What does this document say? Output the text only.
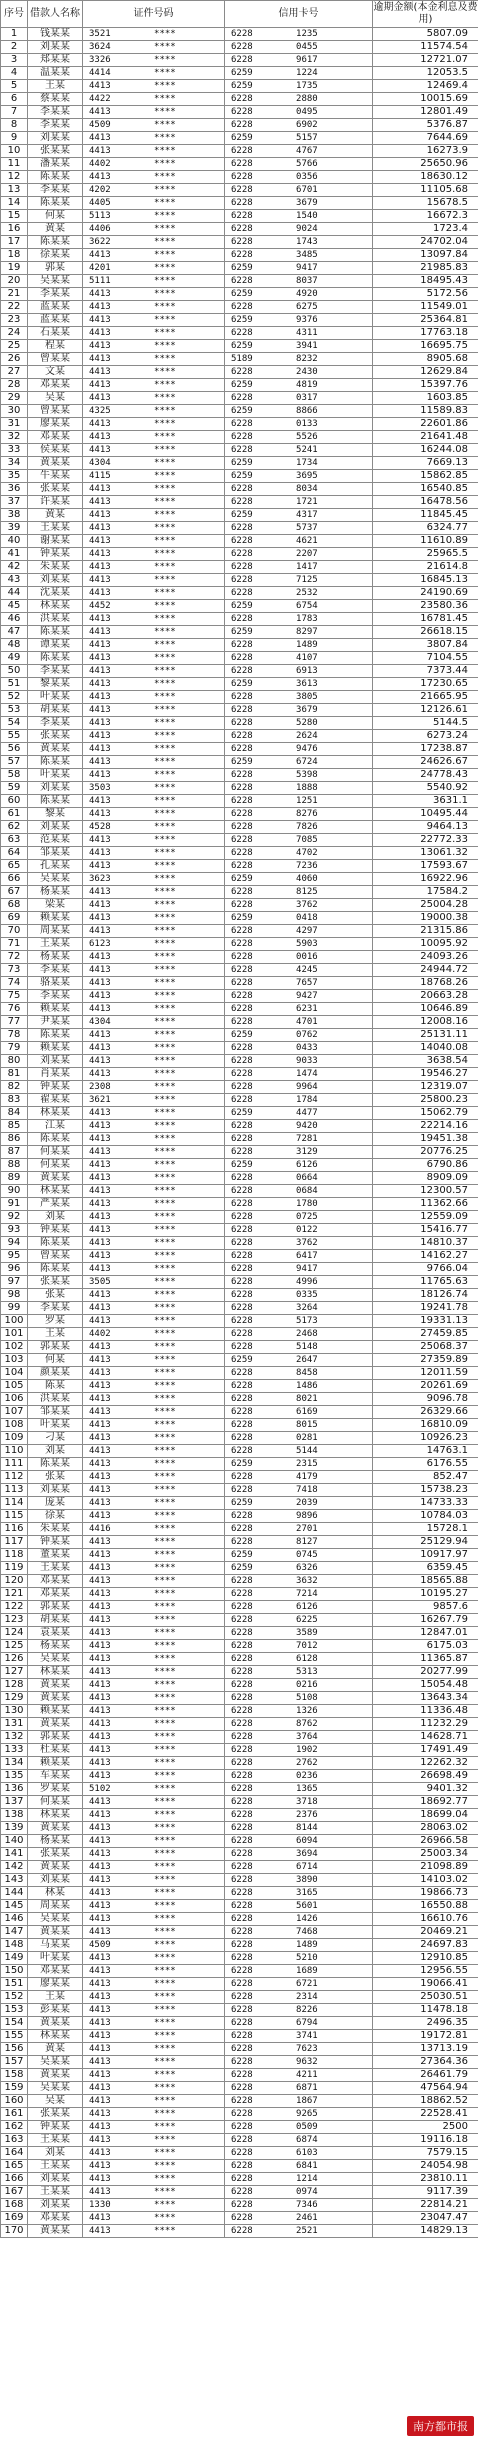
序号	借款人名称	证件号码	信用卡号	逾期金额(本金利息及费用)
1	钱某某	3521        ****	6228        1235	5807.09
2	刘某某	3624        ****	6228        0455	11574.54
3	郑某某	3326        ****	6228        9617	12721.07
4	温某某	4414        ****	6259        1224	12053.5
5	王某	4413        ****	6259        1735	12469.4
6	蔡某某	4422        ****	6228        2880	10015.69
7	李某某	4413        ****	6228        0495	12801.49
8	李某某	4509        ****	6228        6902	5376.87
9	刘某某	4413        ****	6259        5157	7644.69
10	张某某	4413        ****	6228        4767	16273.9
11	潘某某	4402        ****	6228        5766	25650.96
12	陈某某	4413        ****	6228        0356	18630.12
13	李某某	4202        ****	6228        6701	11105.68
14	陈某某	4405        ****	6228        3679	15678.5
15	何某	5113        ****	6228        1540	16672.3
16	黄某	4406        ****	6228        9024	1723.4
17	陈某某	3622        ****	6228        1743	24702.04
18	徐某某	4413        ****	6228        3485	13097.84
19	郭某	4201        ****	6259        9417	21985.83
20	吴某某	5111        ****	6228        8037	18495.43
21	李某某	4413        ****	6259        4920	5172.56
22	蓝某某	4413        ****	6228        6275	11549.01
23	蓝某某	4413        ****	6259        9376	25364.81
24	石某某	4413        ****	6228        4311	17763.18
25	程某	4413        ****	6259        3941	16695.75
26	曾某某	4413        ****	5189        8232	8905.68
27	文某	4413        ****	6228        2430	12629.84
28	邓某某	4413        ****	6259        4819	15397.76
29	吴某	4413        ****	6228        0317	1603.85
30	曾某某	4325        ****	6259        8866	11589.83
31	廖某某	4413        ****	6228        0133	22601.86
32	邓某某	4413        ****	6228        5526	21641.48
33	侯某某	4413        ****	6228        5241	16244.08
34	黄某某	4304        ****	6259        1734	7669.13
35	牛某某	4115        ****	6259        3695	15862.85
36	张某某	4413        ****	6228        8034	16540.85
37	许某某	4413        ****	6228        1721	16478.56
38	黄某	4413        ****	6259        4317	11845.45
39	王某某	4413        ****	6228        5737	6324.77
40	谢某某	4413        ****	6228        4621	11610.89
41	钟某某	4413        ****	6228        2207	25965.5
42	朱某某	4413        ****	6228        1417	21614.8
43	刘某某	4413        ****	6228        7125	16845.13
44	沈某某	4413        ****	6228        2532	24190.69
45	林某某	4452        ****	6259        6754	23580.36
46	洪某某	4413        ****	6228        1783	16781.45
47	陈某某	4413        ****	6259        8297	26618.15
48	谭某某	4413        ****	6228        1489	3807.84
49	陈某某	4413        ****	6228        4107	7104.55
50	李某某	4413        ****	6228        6913	7373.44
51	黎某某	4413        ****	6259        3613	17230.65
52	叶某某	4413        ****	6228        3805	21665.95
53	胡某某	4413        ****	6228        3679	12126.61
54	李某某	4413        ****	6228        5280	5144.5
55	张某某	4413        ****	6228        2624	6273.24
56	黄某某	4413        ****	6228        9476	17238.87
57	陈某某	4413        ****	6259        6724	24626.67
58	叶某某	4413        ****	6228        5398	24778.43
59	刘某某	3503        ****	6228        1888	5540.92
60	陈某某	4413        ****	6228        1251	3631.1
61	黎某	4413        ****	6228        8276	10495.44
62	刘某某	4528        ****	6228        7826	9464.13
63	范某某	4413        ****	6228        7085	22772.33
64	邹某某	4413        ****	6228        4702	13061.32
65	孔某某	4413        ****	6228        7236	17593.67
66	吴某某	3623        ****	6259        4060	16922.96
67	杨某某	4413        ****	6228        8125	17584.2
68	梁某	4413        ****	6228        3762	25004.28
69	赖某某	4413        ****	6259        0418	19000.38
70	周某某	4413        ****	6228        4297	21315.86
71	王某某	6123        ****	6228        5903	10095.92
72	杨某某	4413        ****	6228        0016	24093.26
73	李某某	4413        ****	6228        4245	24944.72
74	骆某某	4413        ****	6228        7657	18768.26
75	李某某	4413        ****	6228        9427	20663.28
76	赖某某	4413        ****	6228        6231	10646.89
77	尹某某	4304        ****	6228        4701	12008.16
78	陈某某	4413        ****	6259        0762	25131.11
79	赖某某	4413        ****	6228        0433	14040.08
80	刘某某	4413        ****	6228        9033	3638.54
81	肖某某	4413        ****	6228        1474	19546.27
82	钟某某	2308        ****	6228        9964	12319.07
83	翟某某	3621        ****	6228        1784	25800.23
84	林某某	4413        ****	6259        4477	15062.79
85	江某	4413        ****	6228        9420	22214.16
86	陈某某	4413        ****	6228        7281	19451.38
87	何某某	4413        ****	6228        3129	20776.25
88	何某某	4413        ****	6259        6126	6790.86
89	黄某某	4413        ****	6228        0664	8909.09
90	林某某	4413        ****	6228        0684	12300.57
91	严某某	4413        ****	6228        1780	11362.66
92	刘某	4413        ****	6228        0725	12559.09
93	钟某某	4413        ****	6228        0122	15416.77
94	陈某某	4413        ****	6228        3762	14810.37
95	曾某某	4413        ****	6228        6417	14162.27
96	陈某某	4413        ****	6228        9417	9766.04
97	张某某	3505        ****	6228        4996	11765.63
98	张某	4413        ****	6228        0335	18126.74
99	李某某	4413        ****	6228        3264	19241.78
100	罗某	4413        ****	6228        5173	19331.13
101	王某	4402        ****	6228        2468	27459.85
102	郭某某	4413        ****	6228        5148	25068.37
103	何某	4413        ****	6259        2647	27359.89
104	颜某某	4413        ****	6228        8458	12011.59
105	陈某	4413        ****	6228        1486	20261.69
106	洪某某	4413        ****	6228        8021	9096.78
107	邹某某	4413        ****	6228        6169	26329.66
108	叶某某	4413        ****	6228        8015	16810.09
109	刁某	4413        ****	6228        0281	10926.23
110	刘某	4413        ****	6228        5144	14763.1
111	陈某某	4413        ****	6259        2315	6176.55
112	张某	4413        ****	6228        4179	852.47
113	刘某某	4413        ****	6228        7418	15738.23
114	庞某	4413        ****	6259        2039	14733.33
115	徐某	4413        ****	6228        9896	10784.03
116	朱某某	4416        ****	6228        2701	15728.1
117	钟某某	4413        ****	6228        8127	25129.94
118	董某某	4413        ****	6259        0745	10917.97
119	王某某	4413        ****	6259        6326	6359.45
120	邓某某	4413        ****	6228        3632	18565.88
121	邓某某	4413        ****	6228        7214	10195.27
122	郭某某	4413        ****	6228        6126	9857.6
123	胡某某	4413        ****	6228        6225	16267.79
124	袁某某	4413        ****	6228        3589	12847.01
125	杨某某	4413        ****	6228        7012	6175.03
126	吴某某	4413        ****	6228        6128	11365.87
127	林某某	4413        ****	6228        5313	20277.99
128	黄某某	4413        ****	6228        0216	15054.48
129	黄某某	4413        ****	6228        5108	13643.34
130	赖某某	4413        ****	6228        1326	11336.48
131	黄某某	4413        ****	6228        8762	11232.29
132	郭某某	4413        ****	6228        3764	14628.71
133	杜某某	4413        ****	6228        1902	17491.49
134	赖某某	4413        ****	6228        2762	12262.32
135	车某某	4413        ****	6228        0236	26698.49
136	罗某某	5102        ****	6228        1365	9401.32
137	何某某	4413        ****	6228        3718	18692.77
138	林某某	4413        ****	6228        2376	18699.04
139	黄某某	4413        ****	6228        8144	28063.02
140	杨某某	4413        ****	6228        6094	26966.58
141	张某某	4413        ****	6228        3694	25003.34
142	黄某某	4413        ****	6228        6714	21098.89
143	刘某某	4413        ****	6228        3890	14103.02
144	林某	4413        ****	6228        3165	19866.73
145	周某某	4413        ****	6228        5601	16550.88
146	吴某某	4413        ****	6228        1426	16610.76
147	黄某某	4413        ****	6228        7468	20469.21
148	马某某	4509        ****	6228        1489	24697.83
149	叶某某	4413        ****	6228        5210	12910.85
150	邓某某	4413        ****	6228        1689	12956.55
151	廖某某	4413        ****	6228        6721	19066.41
152	王某	4413        ****	6228        2314	25030.51
153	彭某某	4413        ****	6228        8226	11478.18
154	黄某某	4413        ****	6228        6794	2496.35
155	林某某	4413        ****	6228        3741	19172.81
156	黄某	4413        ****	6228        7623	13713.19
157	吴某某	4413        ****	6228        9632	27364.36
158	黄某某	4413        ****	6228        4211	26461.79
159	吴某某	4413        ****	6228        6871	47564.94
160	吴某	4413        ****	6228        1867	18862.52
161	张某某	4413        ****	6228        9265	22528.41
162	钟某某	4413        ****	6228        0509	2500
163	王某某	4413        ****	6228        6874	19116.18
164	刘某	4413        ****	6228        6103	7579.15
165	王某某	4413        ****	6228        6841	24054.98
166	刘某某	4413        ****	6228        1214	23810.11
167	王某某	4413        ****	6228        0974	9117.39
168	刘某某	1330        ****	6228        7346	22814.21
169	邓某某	4413        ****	6228        2461	23047.47
170	黄某某	4413        ****	6228        2521	14829.13
南方都市报
